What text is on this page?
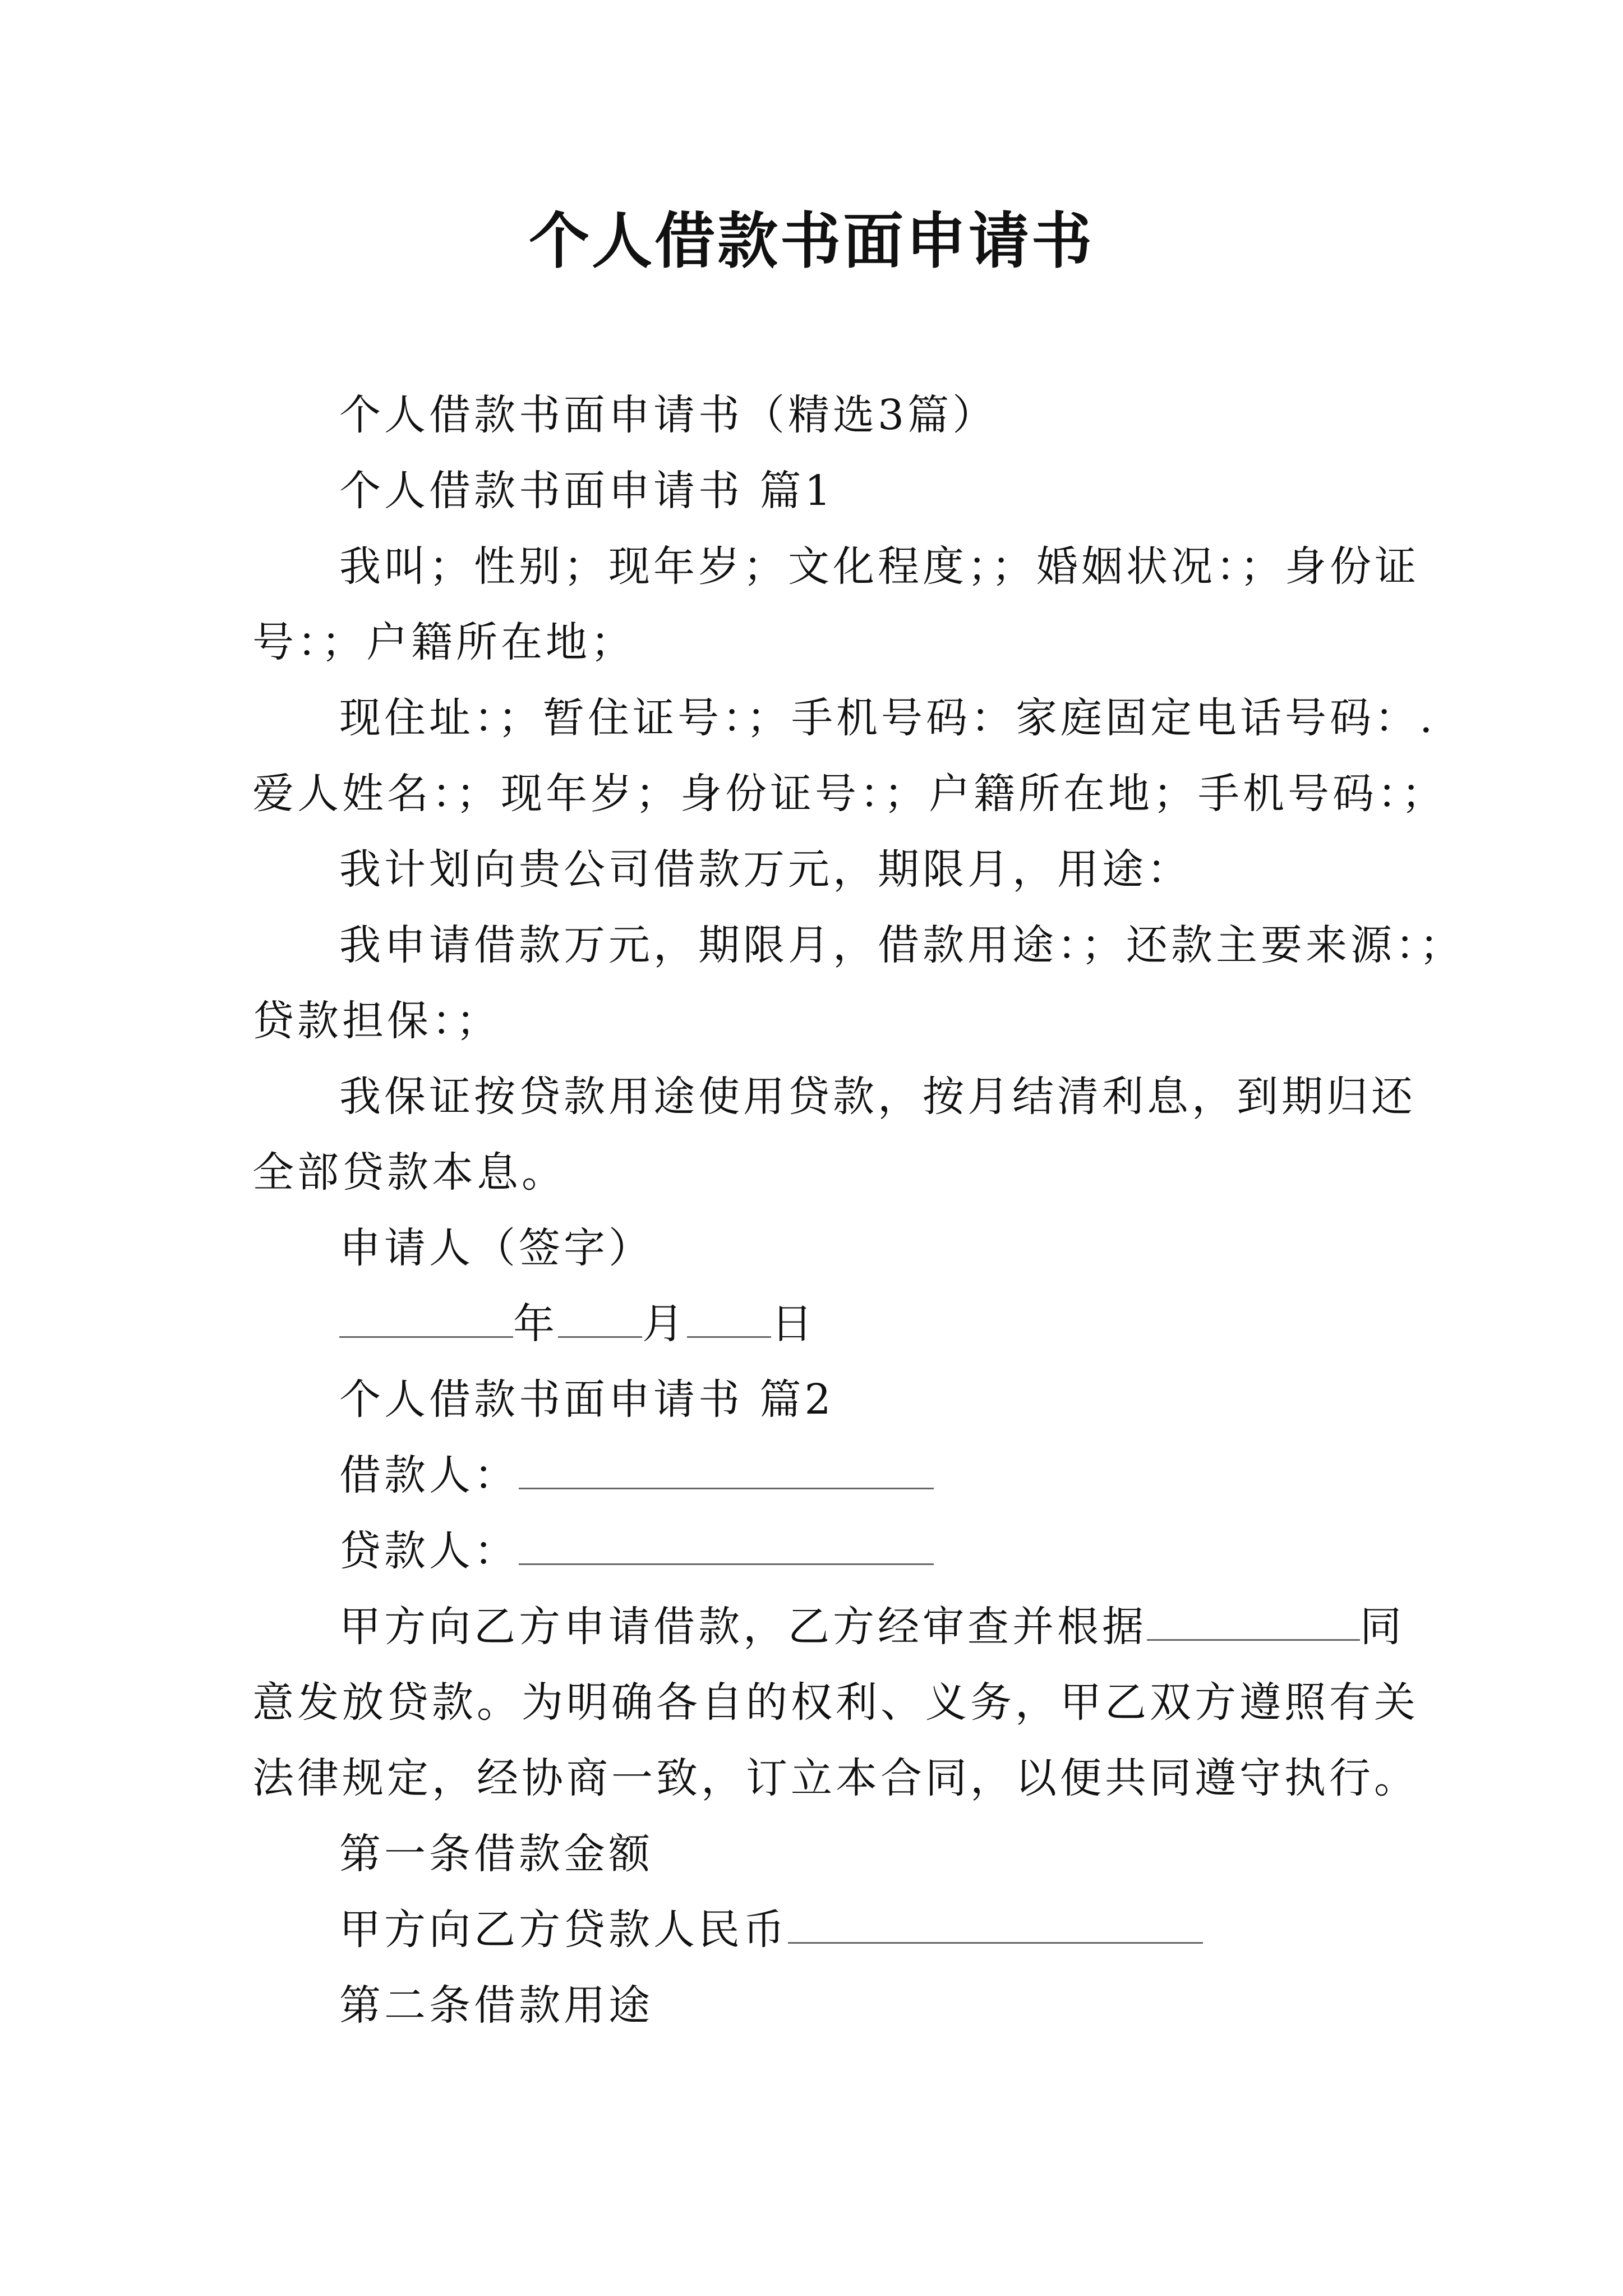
个人借款书面申请书
个人借款书面申请书（精选3篇）
个人借款书面申请书 篇1
我叫；性别；现年岁；文化程度；；婚姻状况：；身份证
号：；户籍所在地；
现住址：；暂住证号：；手机号码：家庭固定电话号码：.
爱人姓名：；现年岁；身份证号：；户籍所在地；手机号码：；
我计划向贵公司借款万元，期限月，用途：
我申请借款万元，期限月，借款用途：；还款主要来源：；
贷款担保：；
我保证按贷款用途使用贷款，按月结清利息，到期归还
全部贷款本息。
申请人（签字）
年 月 日
个人借款书面申请书 篇2
借款人：
贷款人：
甲方向乙方申请借款，乙方经审查并根据	同
意发放贷款。为明确各自的权利、义务，甲乙双方遵照有关
法律规定，经协商一致，订立本合同，以便共同遵守执行。
第一条借款金额
甲方向乙方贷款人民币
第二条借款用途
